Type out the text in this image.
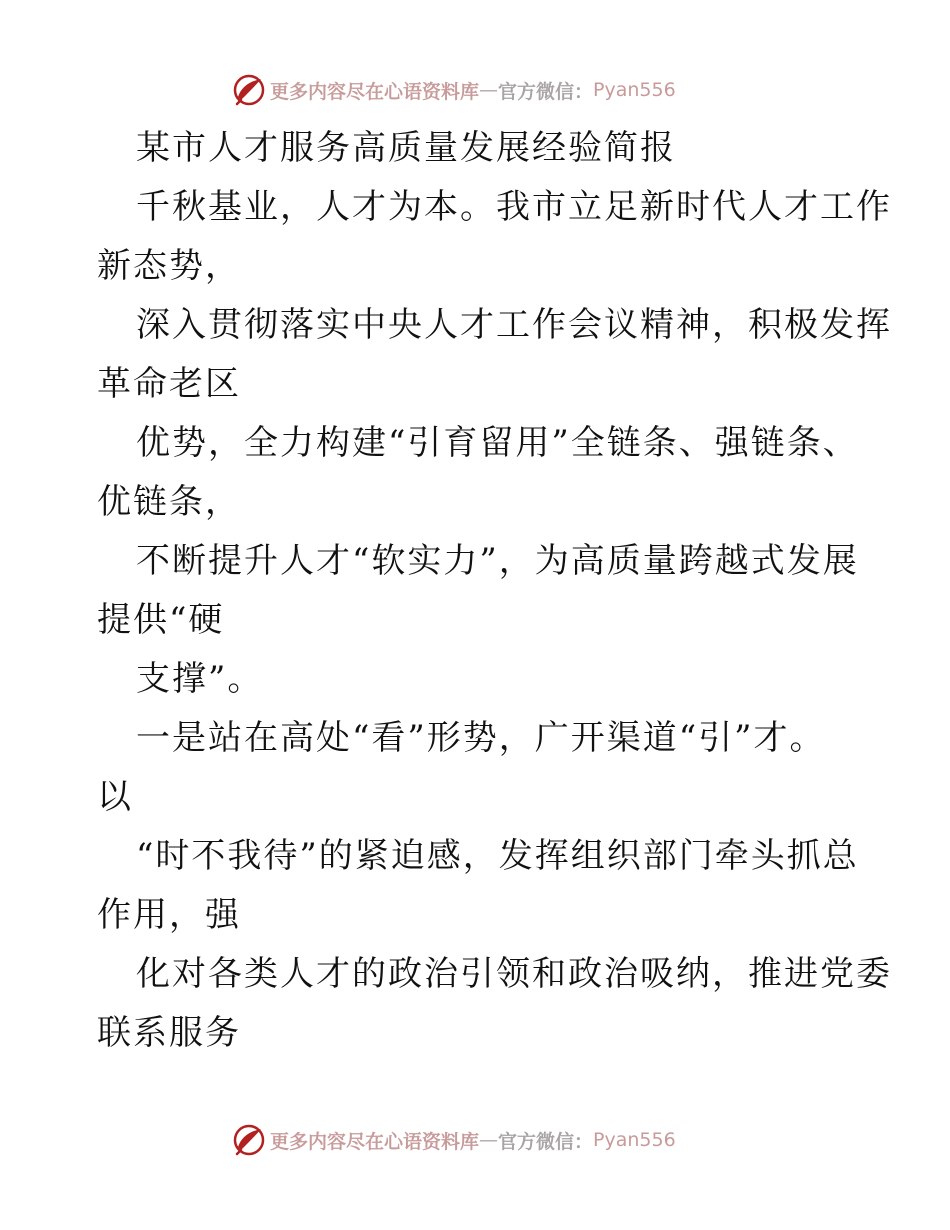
更多内容尽在心语资料库 — 官方微信： Pyan556
某市人才服务高质量发展经验简报
千秋基业，人才为本。我市立足新时代人才工作
新态势，
深入贯彻落实中央人才工作会议精神，积极发挥
革命老区
优势，全力构建“引育留用”全链条、强链条、
优链条，
不断提升人才“软实力”，为高质量跨越式发展
提供“硬
支撑”。
一是站在高处“看”形势，广开渠道“引”才。
以
“时不我待”的紧迫感，发挥组织部门牵头抓总
作用，强
化对各类人才的政治引领和政治吸纳，推进党委
联系服务
更多内容尽在心语资料库 — 官方微信： Pyan556
